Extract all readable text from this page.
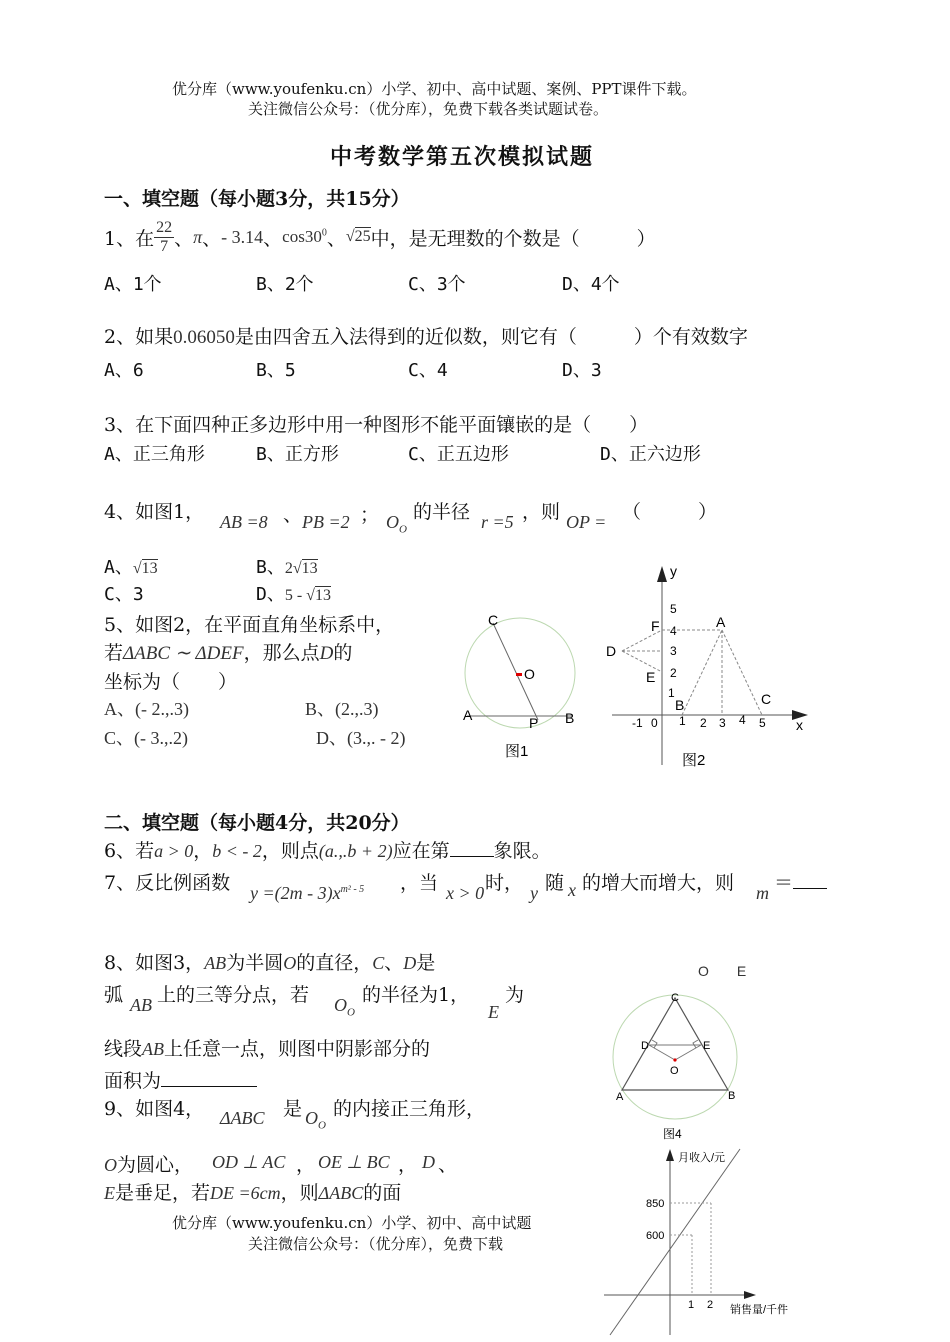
优分库（www.youfenku.cn）小学、初中、高中试题、案例、PPT课件下载。
关注微信公众号：（优分库），免费下载各类试题试卷。
中考数学第五次模拟试题
一、填空题（每小题3分，共15分）
1、在 $\frac{22}{7}$ 、 π 、 - 3.14 、 $\cos 30^0$ 、 √25 中，是无理数的个数是（　　　）
A、1个	B、2个	C、3个	D、4个
2、如果0.06050是由四舍五入法得到的近似数，则它有（　　　）个有效数字
A、6	B、5	C、4	D、3
3、在下面四种正多边形中用一种图形不能平面镶嵌的是（　　）
A、正三角形	B、正方形	C、正五边形	D、正六边形
4、如图1， AB =8 、 PB =2 ； $O_O$
的半径 r =5 ，则 OP = （　　　）
A、√13	B、2√13
C、3	D、5 - √13
5、如图2，在平面直角坐标系中，
若ΔABC ∼ ΔDEF，那么点D的
坐标为（　　）
A、(- 2.,.3)	B、(2.,.3)
C、(- 3.,.2)	D、(3.,. - 2)
C
O
A	P B
图1
y
x
5
4
3
2
1
-1 0 1 2 3 4 5
F	A
D
E
B	C
图2
二、填空题（每小题4分，共20分）
6、若a > 0，b < - 2，则点(a.,.b + 2)应在第 象限。
7、反比例函数 $y =(2m - 3)x^{m^2 - 5}$ ，当 x > 0 时， y 随 x 的增大而增大，则 m ＝
8、如图3，AB为半圆O的直径，C、D是
弧 AB 上的三等分点，若 $O_O$
的半径为1，
E
为
线段AB上任意一点，则图中阴影部分的
面积为
O　　E
9、如图4， ΔABC 是 $O_O$
的内接正三角形，
O为圆心， OD ⊥ AC ， OE ⊥ BC ， D 、
E是垂足，若DE =6cm，则ΔABC的面
C
D	E
O
A	B
图4
月收入/元
850
600
1 2 销售量/千件
优分库（www.youfenku.cn）小学、初中、高中试题
关注微信公众号：（优分库），免费下载
